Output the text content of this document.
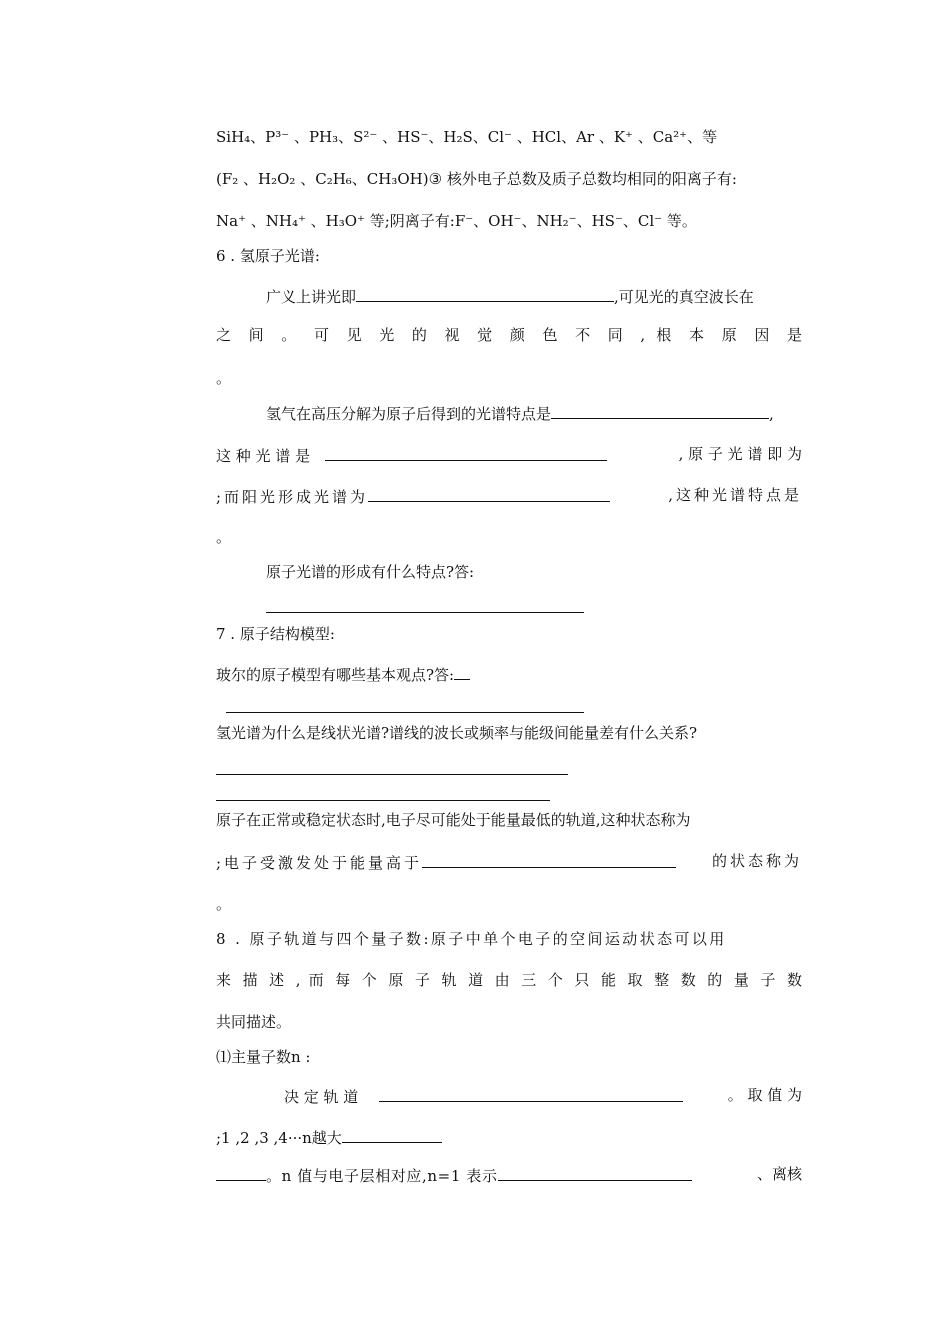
SiH₄、P³⁻ 、PH₃、S²⁻ 、HS⁻、H₂S、Cl⁻ 、HCl、Ar 、K⁺ 、Ca²⁺、等
(F₂ 、H₂O₂ 、C₂H₆、CH₃OH)③ 核外电子总数及质子总数均相同的阳离子有:
Na⁺ 、NH₄⁺ 、H₃O⁺ 等;阴离子有:F⁻、OH⁻、NH₂⁻、HS⁻、Cl⁻ 等。
6 . 氢原子光谱:
广义上讲光即	,可见光的真空波长在
之 间 。 可 见 光 的 视 觉 颜 色 不 同 , 根 本 原 因 是
。
氢气在高压分解为原子后得到的光谱特点是	,
这 种 光 谱 是	, 原 子 光 谱 即 为
;而阳光形成光谱为	,这种光谱特点是
。
原子光谱的形成有什么特点?答:
7 . 原子结构模型:
玻尔的原子模型有哪些基本观点?答:
氢光谱为什么是线状光谱?谱线的波长或频率与能级间能量差有什么关系?
原子在正常或稳定状态时,电子尽可能处于能量最低的轨道,这种状态称为
;电子受激发处于能量高于	的状态称为
。
8 . 原子轨道与四个量子数:原子中单个电子的空间运动状态可以用
来 描 述 , 而 每 个 原 子 轨 道 由 三 个 只 能 取 整 数 的 量 子 数
共同描述。
⑴主量子数n :
决 定 轨 道	。 取 值 为
;1 ,2 ,3 ,4···n越大
。n 值与电子层相对应,n=1 表示	、离核
